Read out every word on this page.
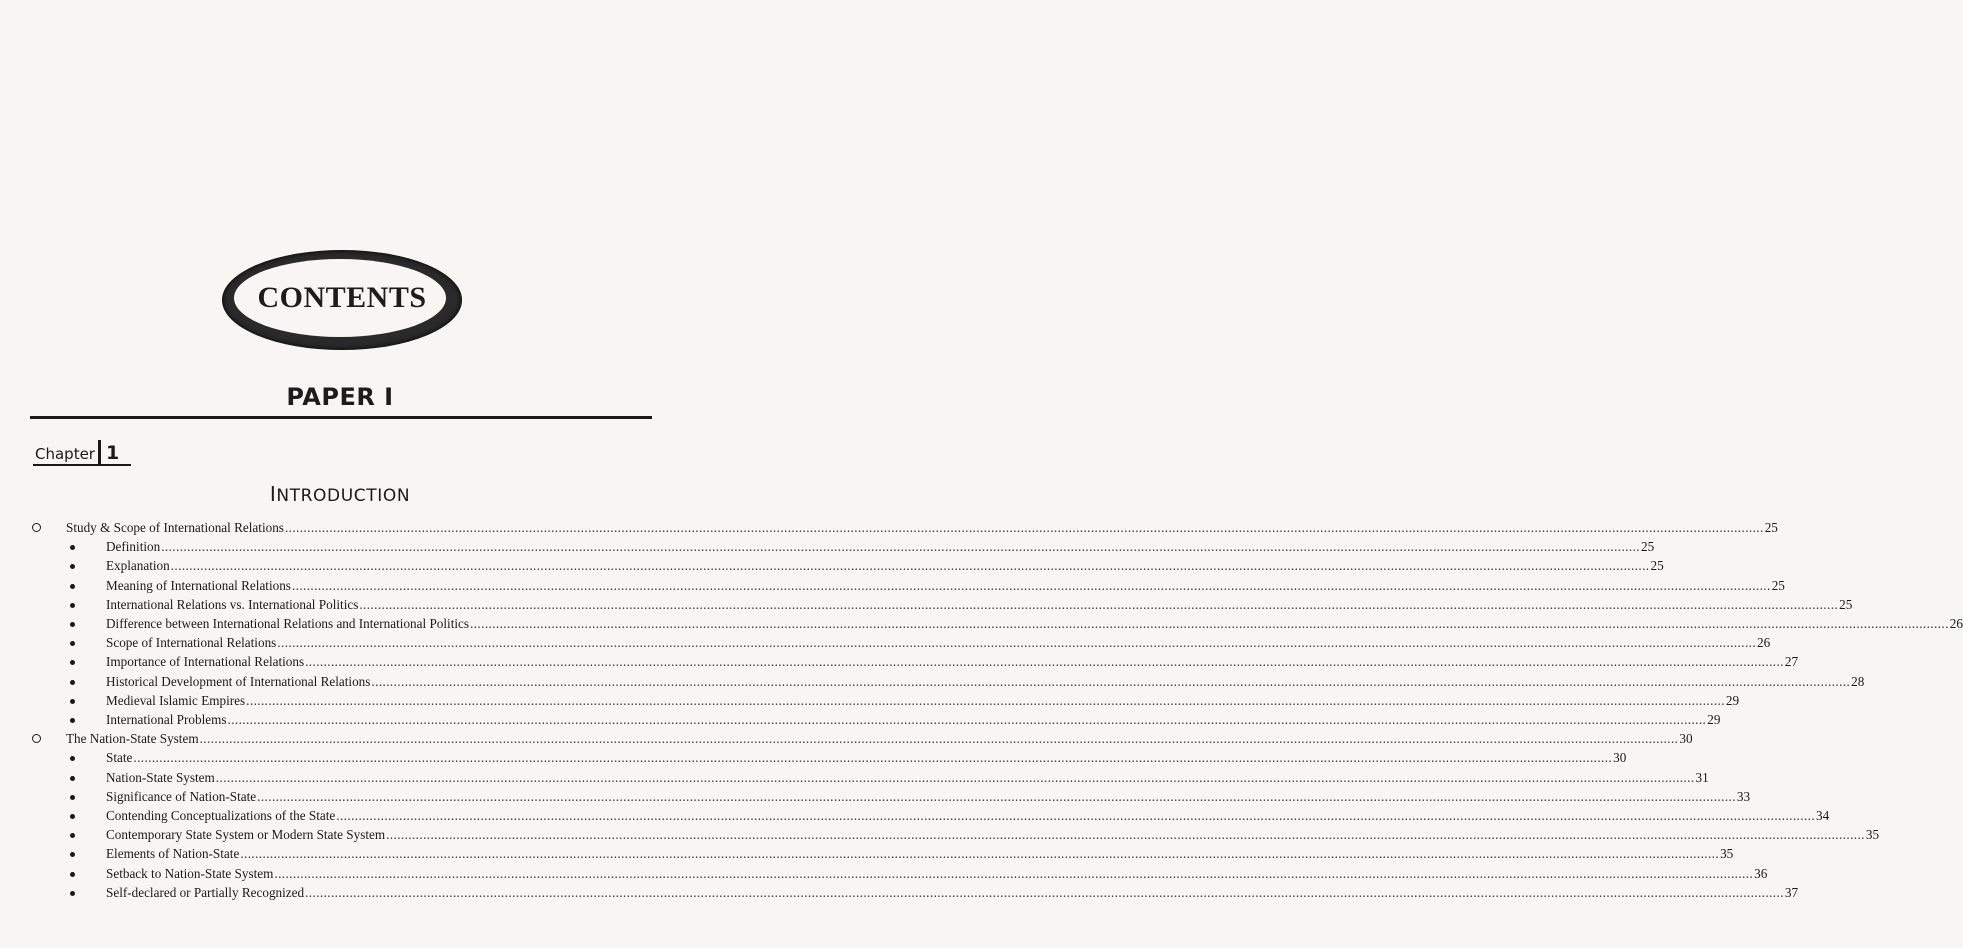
CONTENTS
PAPER I
Chapter 1
INTRODUCTION
Study & Scope of International Relations ................................................................................................................................................................................................................................................................................................................................................................................................................ 25
Definition ................................................................................................................................................................................................................................................................................................................................................................................................................ 25
Explanation ................................................................................................................................................................................................................................................................................................................................................................................................................ 25
Meaning of International Relations ................................................................................................................................................................................................................................................................................................................................................................................................................ 25
International Relations vs. International Politics ................................................................................................................................................................................................................................................................................................................................................................................................................ 25
Difference between International Relations and International Politics ................................................................................................................................................................................................................................................................................................................................................................................................................ 26
Scope of International Relations ................................................................................................................................................................................................................................................................................................................................................................................................................ 26
Importance of International Relations ................................................................................................................................................................................................................................................................................................................................................................................................................ 27
Historical Development of International Relations ................................................................................................................................................................................................................................................................................................................................................................................................................ 28
Medieval Islamic Empires ................................................................................................................................................................................................................................................................................................................................................................................................................ 29
International Problems ................................................................................................................................................................................................................................................................................................................................................................................................................ 29
The Nation-State System ................................................................................................................................................................................................................................................................................................................................................................................................................ 30
State ................................................................................................................................................................................................................................................................................................................................................................................................................ 30
Nation-State System ................................................................................................................................................................................................................................................................................................................................................................................................................ 31
Significance of Nation-State ................................................................................................................................................................................................................................................................................................................................................................................................................ 33
Contending Conceptualizations of the State ................................................................................................................................................................................................................................................................................................................................................................................................................ 34
Contemporary State System or Modern State System ................................................................................................................................................................................................................................................................................................................................................................................................................ 35
Elements of Nation-State ................................................................................................................................................................................................................................................................................................................................................................................................................ 35
Setback to Nation-State System ................................................................................................................................................................................................................................................................................................................................................................................................................ 36
Self-declared or Partially Recognized ................................................................................................................................................................................................................................................................................................................................................................................................................ 37
